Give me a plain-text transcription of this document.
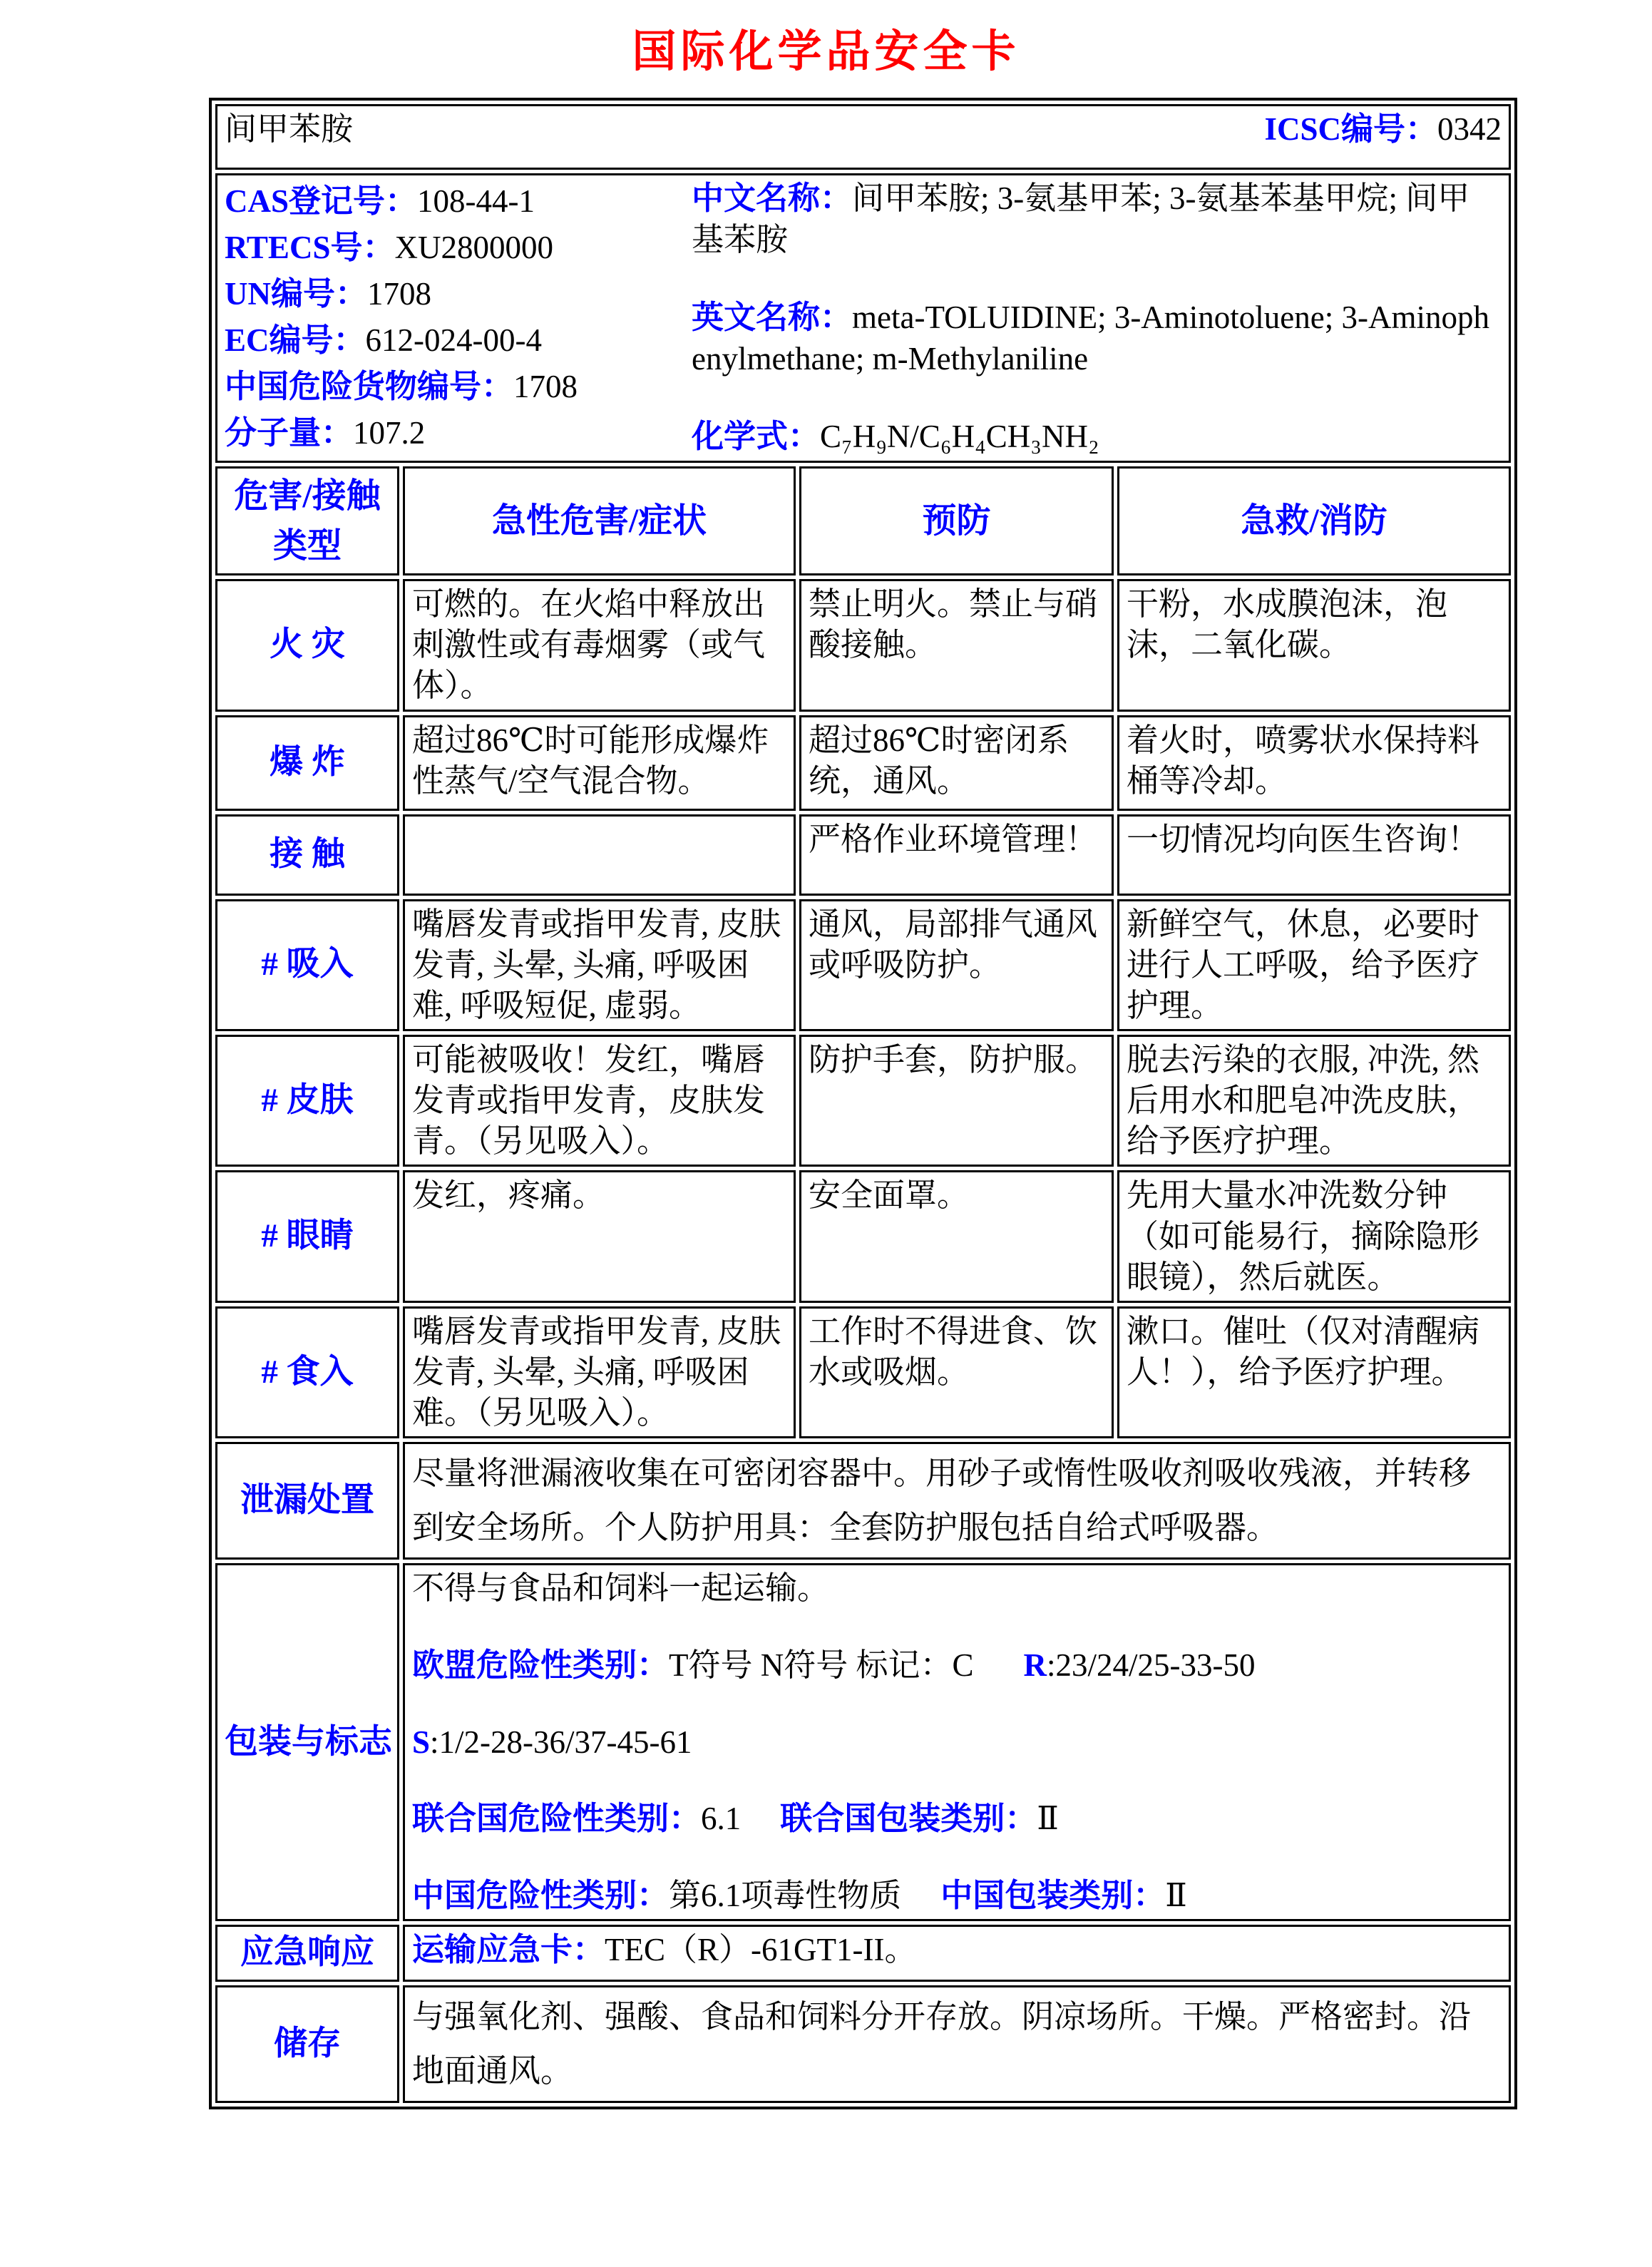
国际化学品安全卡
间甲苯胺 ICSC编号：0342			

CAS登记号：108-44-1
RTECS号：XU2800000
UN编号：1708
EC编号：612-024-00-4
中国危险货物编号：1708
分子量：107.2

中文名称：间甲苯胺; 3-氨基甲苯; 3-氨基苯基甲烷; 间甲基苯胺

英文名称：meta-TOLUIDINE; 3-Aminotoluene; 3-Aminophenylmethane; m-Methylaniline

化学式：C₇H₉N/C₆H₄CH₃NH₂

危害/接触类型	急性危害/症状	预防	急救/消防
火 灾	可燃的。在火焰中释放出刺激性或有毒烟雾（或气体）。	禁止明火。禁止与硝酸接触。	干粉，水成膜泡沫，泡沫，二氧化碳。
爆 炸	超过86℃时可能形成爆炸性蒸气/空气混合物。	超过86℃时密闭系统，通风。	着火时，喷雾状水保持料桶等冷却。
接 触		严格作业环境管理！	一切情况均向医生咨询！
# 吸入	嘴唇发青或指甲发青, 皮肤发青, 头晕, 头痛, 呼吸困难, 呼吸短促, 虚弱。	通风，局部排气通风或呼吸防护。	新鲜空气，休息，必要时进行人工呼吸，给予医疗护理。
# 皮肤	可能被吸收！发红，嘴唇发青或指甲发青，皮肤发青。（另见吸入）。	防护手套，防护服。	脱去污染的衣服, 冲洗, 然后用水和肥皂冲洗皮肤，给予医疗护理。
# 眼睛	发红，疼痛。	安全面罩。	先用大量水冲洗数分钟（如可能易行，摘除隐形眼镜），然后就医。
# 食入	嘴唇发青或指甲发青, 皮肤发青, 头晕, 头痛, 呼吸困难。（另见吸入）。	工作时不得进食、饮水或吸烟。	漱口。催吐（仅对清醒病人！），给予医疗护理。
泄漏处置	尽量将泄漏液收集在可密闭容器中。用砂子或惰性吸收剂吸收残液，并转移到安全场所。个人防护用具：全套防护服包括自给式呼吸器。		
包装与标志	不得与食品和饲料一起运输。

欧盟危险性类别：T符号 N符号 标记：C R:23/24/25-33-50

S:1/2-28-36/37-45-61

联合国危险性类别：6.1 联合国包装类别：Ⅱ

中国危险性类别：第6.1项毒性物质 中国包装类别：Ⅱ		

应急响应	运输应急卡：TEC（R）-61GT1-II。		
储存	与强氧化剂、强酸、食品和饲料分开存放。阴凉场所。干燥。严格密封。沿地面通风。		
